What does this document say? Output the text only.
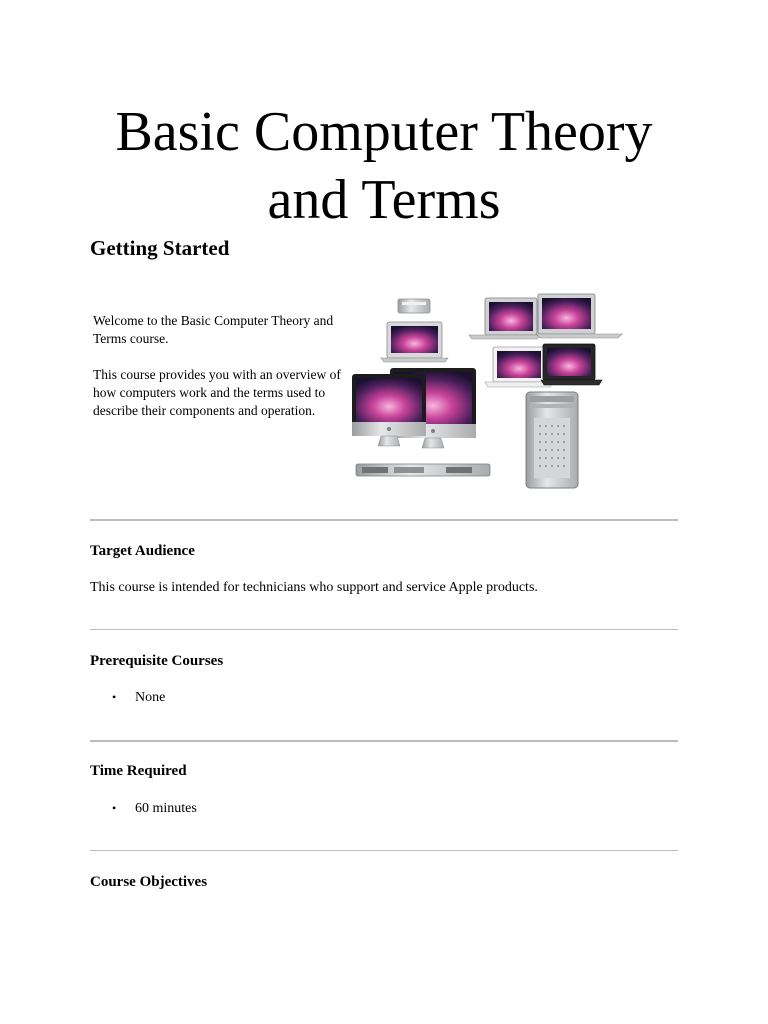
Basic Computer Theory
and Terms
Getting Started

Welcome to the Basic Computer Theory and Terms course.

This course provides you with an overview of how computers work and the terms used to describe their components and operation.

Target Audience

This course is intended for technicians who support and service Apple products.

Prerequisite Courses

• None

Time Required

• 60 minutes

Course Objectives
